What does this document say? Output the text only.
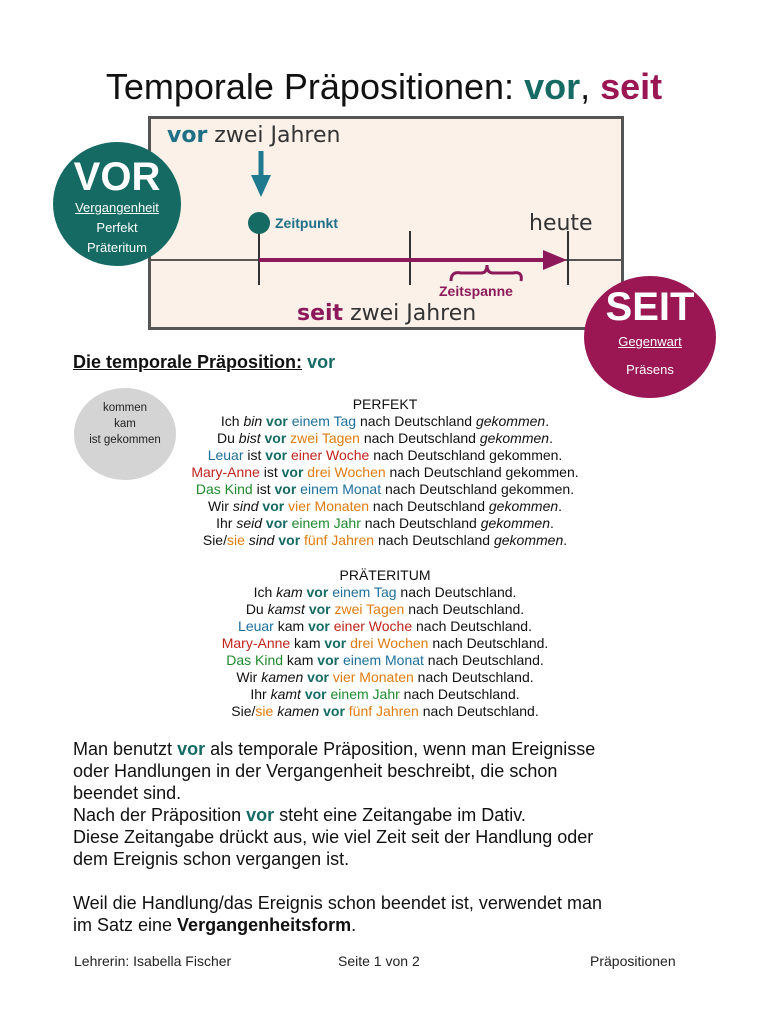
Temporale Präpositionen: vor, seit
vor zwei Jahren
Zeitpunkt	heute
Zeitspanne
seit zwei Jahren
VOR
Vergangenheit
Perfekt
Präteritum
SEIT
Gegenwart
Präsens
Die temporale Präposition: vor
kommen
kam
ist gekommen
PERFEKT
Ich bin vor einem Tag nach Deutschland gekommen.
Du bist vor zwei Tagen nach Deutschland gekommen.
Leuar ist vor einer Woche nach Deutschland gekommen.
Mary-Anne ist vor drei Wochen nach Deutschland gekommen.
Das Kind ist vor einem Monat nach Deutschland gekommen.
Wir sind vor vier Monaten nach Deutschland gekommen.
Ihr seid vor einem Jahr nach Deutschland gekommen.
Sie/sie sind vor fünf Jahren nach Deutschland gekommen.
PRÄTERITUM
Ich kam vor einem Tag nach Deutschland.
Du kamst vor zwei Tagen nach Deutschland.
Leuar kam vor einer Woche nach Deutschland.
Mary-Anne kam vor drei Wochen nach Deutschland.
Das Kind kam vor einem Monat nach Deutschland.
Wir kamen vor vier Monaten nach Deutschland.
Ihr kamt vor einem Jahr nach Deutschland.
Sie/sie kamen vor fünf Jahren nach Deutschland.
Man benutzt vor als temporale Präposition, wenn man Ereignisse
oder Handlungen in der Vergangenheit beschreibt, die schon
beendet sind.
Nach der Präposition vor steht eine Zeitangabe im Dativ.
Diese Zeitangabe drückt aus, wie viel Zeit seit der Handlung oder
dem Ereignis schon vergangen ist.
Weil die Handlung/das Ereignis schon beendet ist, verwendet man
im Satz eine Vergangenheitsform.
Lehrerin: Isabella Fischer	Seite 1 von 2	Präpositionen
